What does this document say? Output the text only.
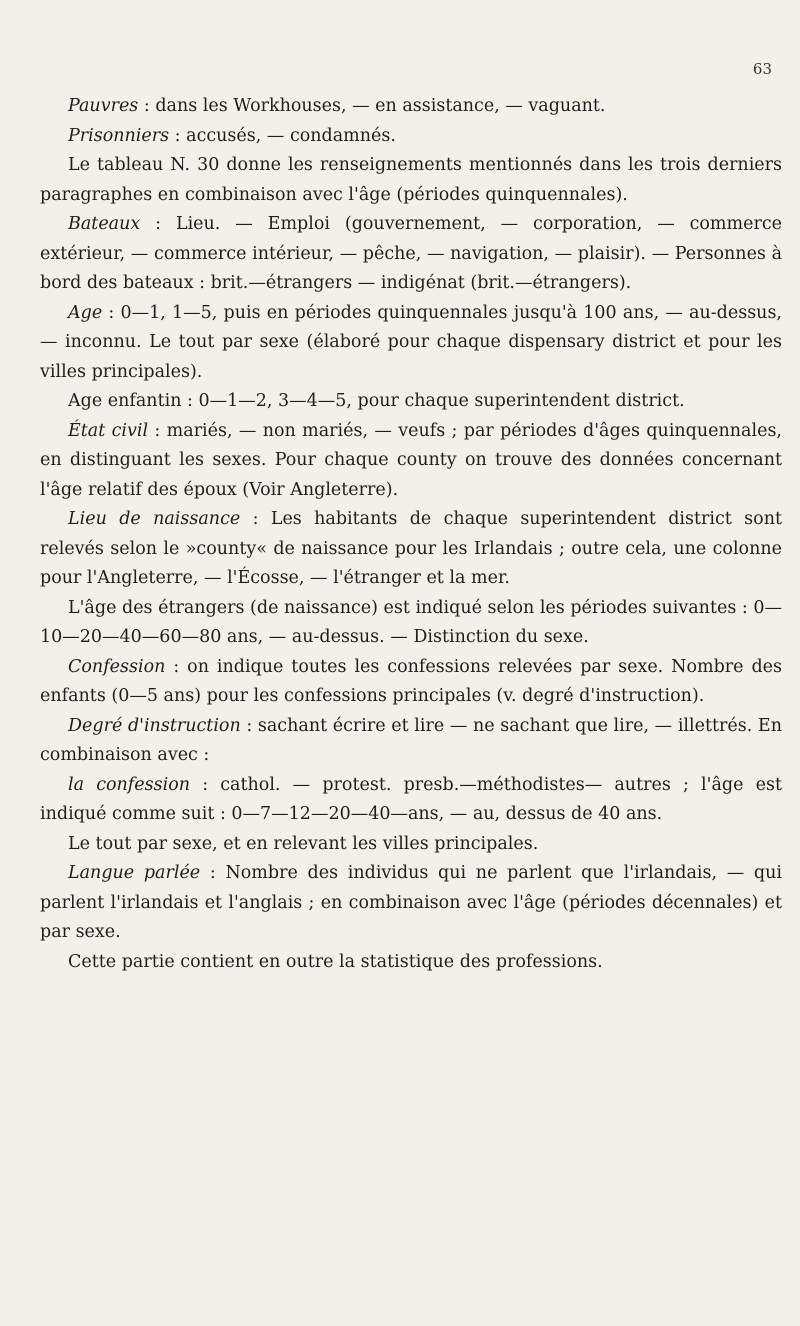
63

Pauvres : dans les Workhouses, — en assistance, — vaguant.

Prisonniers : accusés, — condamnés.

Le tableau N. 30 donne les renseignements mentionnés dans les trois derniers paragraphes en combinaison avec l'âge (périodes quinquennales).

Bateaux : Lieu. — Emploi (gouvernement, — corporation, — commerce extérieur, — commerce intérieur, — pêche, — navigation, — plaisir). — Personnes à bord des bateaux : brit.—étrangers — indigénat (brit.—étrangers).

Age : 0—1, 1—5, puis en périodes quinquennales jusqu'à 100 ans, — au-dessus, — inconnu. Le tout par sexe (élaboré pour chaque dispensary district et pour les villes principales).

Age enfantin : 0—1—2, 3—4—5, pour chaque superintendent district.

État civil : mariés, — non mariés, — veufs ; par périodes d'âges quinquennales, en distinguant les sexes. Pour chaque county on trouve des données concernant l'âge relatif des époux (Voir Angleterre).

Lieu de naissance : Les habitants de chaque superintendent district sont relevés selon le »county« de naissance pour les Irlandais ; outre cela, une colonne pour l'Angleterre, — l'Écosse, — l'étranger et la mer.

L'âge des étrangers (de naissance) est indiqué selon les périodes suivantes : 0—10—20—40—60—80 ans, — au-dessus. — Distinction du sexe.

Confession : on indique toutes les confessions relevées par sexe. Nombre des enfants (0—5 ans) pour les confessions principales (v. degré d'instruction).

Degré d'instruction : sachant écrire et lire — ne sachant que lire, — illettrés. En combinaison avec :

la confession : cathol. — protest. presb.—méthodistes— autres ; l'âge est indiqué comme suit : 0—7—12—20—40—ans, — au, dessus de 40 ans.

Le tout par sexe, et en relevant les villes principales.

Langue parlée : Nombre des individus qui ne parlent que l'irlandais, — qui parlent l'irlandais et l'anglais ; en combinaison avec l'âge (périodes décennales) et par sexe.

Cette partie contient en outre la statistique des professions.
